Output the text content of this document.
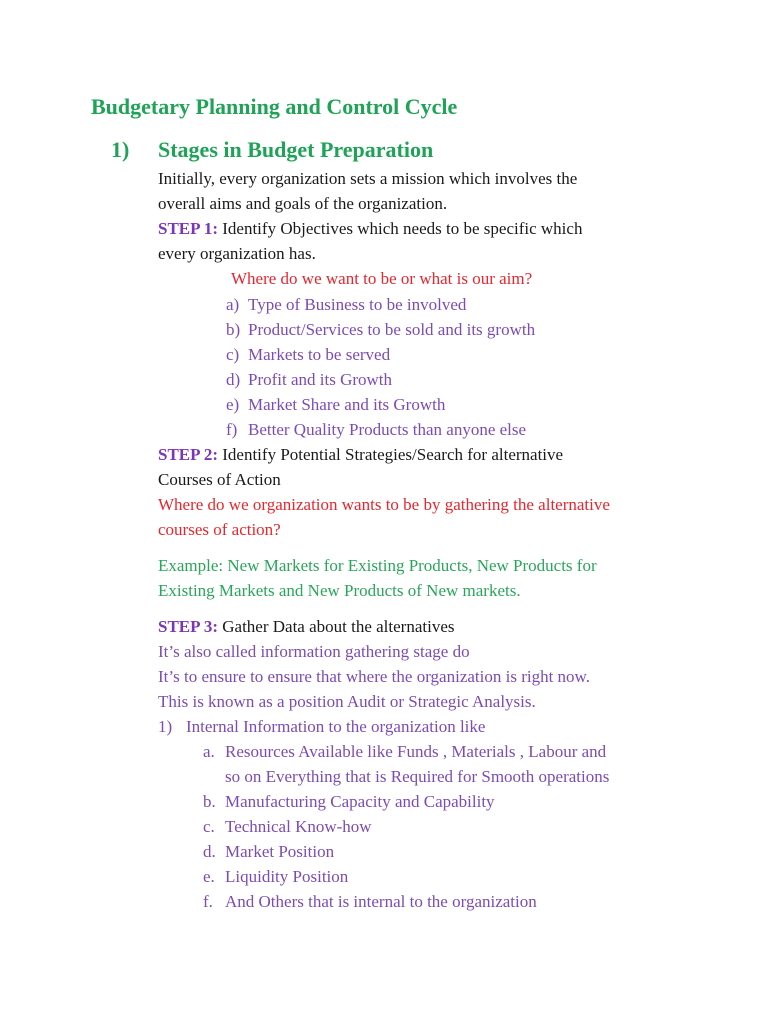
Budgetary Planning and Control Cycle
1) Stages in Budget Preparation
Initially, every organization sets a mission which involves the
overall aims and goals of the organization.
STEP 1: Identify Objectives which needs to be specific which
every organization has.
Where do we want to be or what is our aim?
a) Type of Business to be involved
b) Product/Services to be sold and its growth
c) Markets to be served
d) Profit and its Growth
e) Market Share and its Growth
f) Better Quality Products than anyone else
STEP 2: Identify Potential Strategies/Search for alternative
Courses of Action
Where do we organization wants to be by gathering the alternative
courses of action?
Example: New Markets for Existing Products, New Products for
Existing Markets and New Products of New markets.
STEP 3: Gather Data about the alternatives
It’s also called information gathering stage do
It’s to ensure to ensure that where the organization is right now.
This is known as a position Audit or Strategic Analysis.
1) Internal Information to the organization like
a. Resources Available like Funds , Materials , Labour and
so on Everything that is Required for Smooth operations
b. Manufacturing Capacity and Capability
c. Technical Know-how
d. Market Position
e. Liquidity Position
f. And Others that is internal to the organization
